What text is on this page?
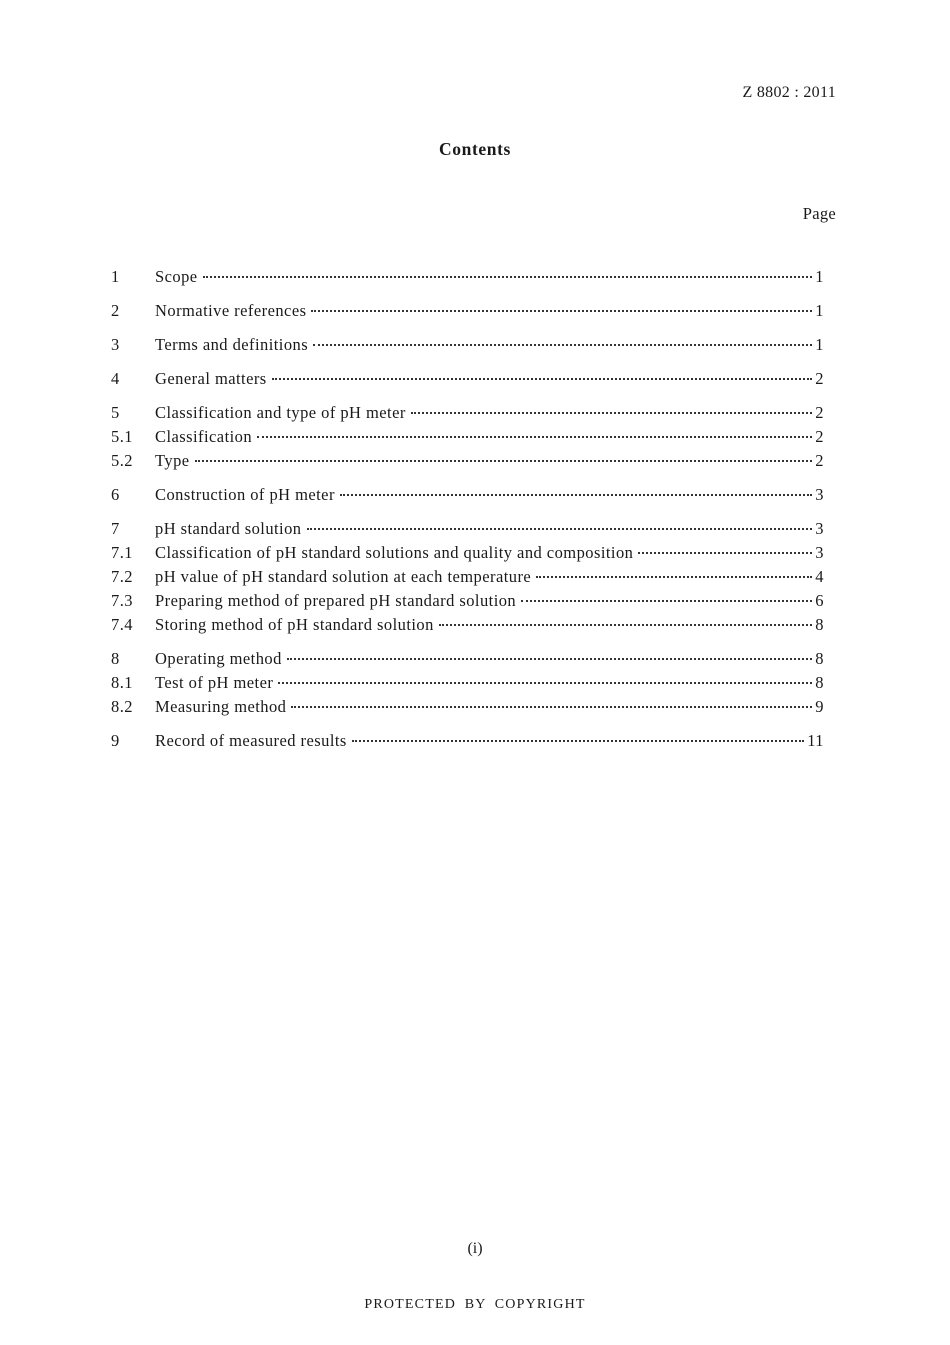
Z 8802 : 2011
Contents
Page
1	Scope	1
2	Normative references	1
3	Terms and definitions	1
4	General matters	2
5	Classification and type of pH meter	2
5.1	Classification	2
5.2	Type	2
6	Construction of pH meter	3
7	pH standard solution	3
7.1	Classification of pH standard solutions and quality and composition	3
7.2	pH value of pH standard solution at each temperature	4
7.3	Preparing method of prepared pH standard solution	6
7.4	Storing method of pH standard solution	8
8	Operating method	8
8.1	Test of pH meter	8
8.2	Measuring method	9
9	Record of measured results	11
(i)
PROTECTED BY COPYRIGHT
